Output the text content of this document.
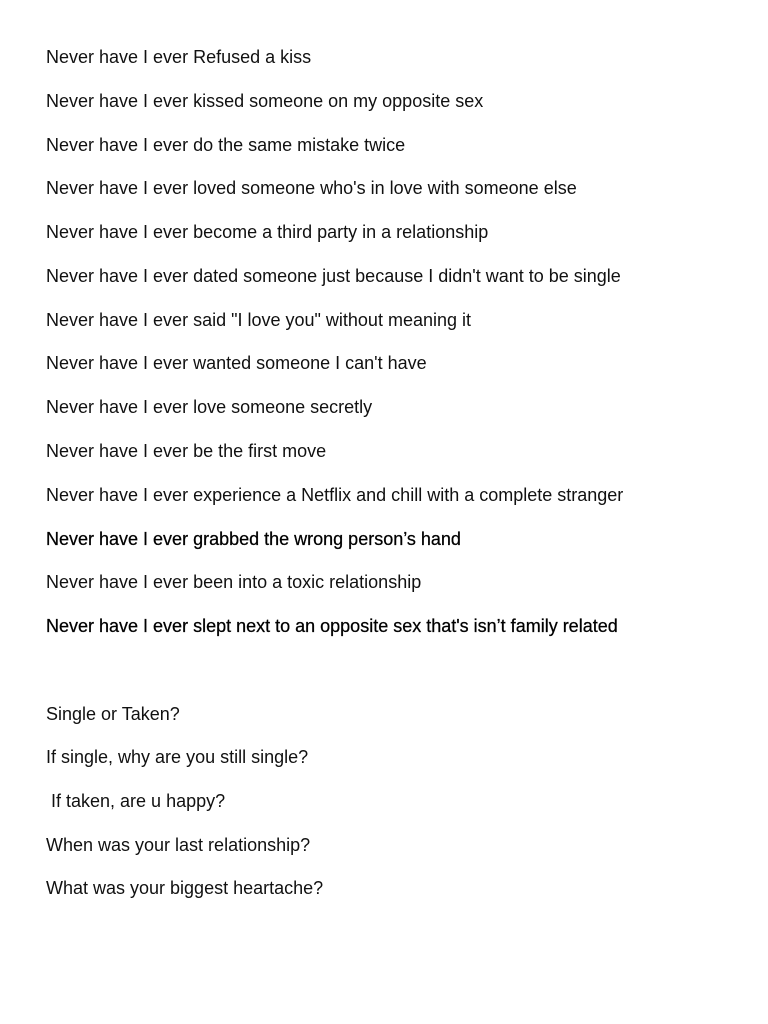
Never have I ever Refused a kiss

Never have I ever kissed someone on my opposite sex

Never have I ever do the same mistake twice

Never have I ever loved someone who's in love with someone else

Never have I ever become a third party in a relationship

Never have I ever dated someone just because I didn't want to be single

Never have I ever said "I love you" without meaning it

Never have I ever wanted someone I can't have

Never have I ever love someone secretly

Never have I ever be the first move

Never have I ever experience a Netflix and chill with a complete stranger

Never have I ever grabbed the wrong person’s hand

Never have I ever been into a toxic relationship

Never have I ever slept next to an opposite sex that's isn’t family related

Single or Taken?

If single, why are you still single?

If taken, are u happy?

When was your last relationship?

What was your biggest heartache?
